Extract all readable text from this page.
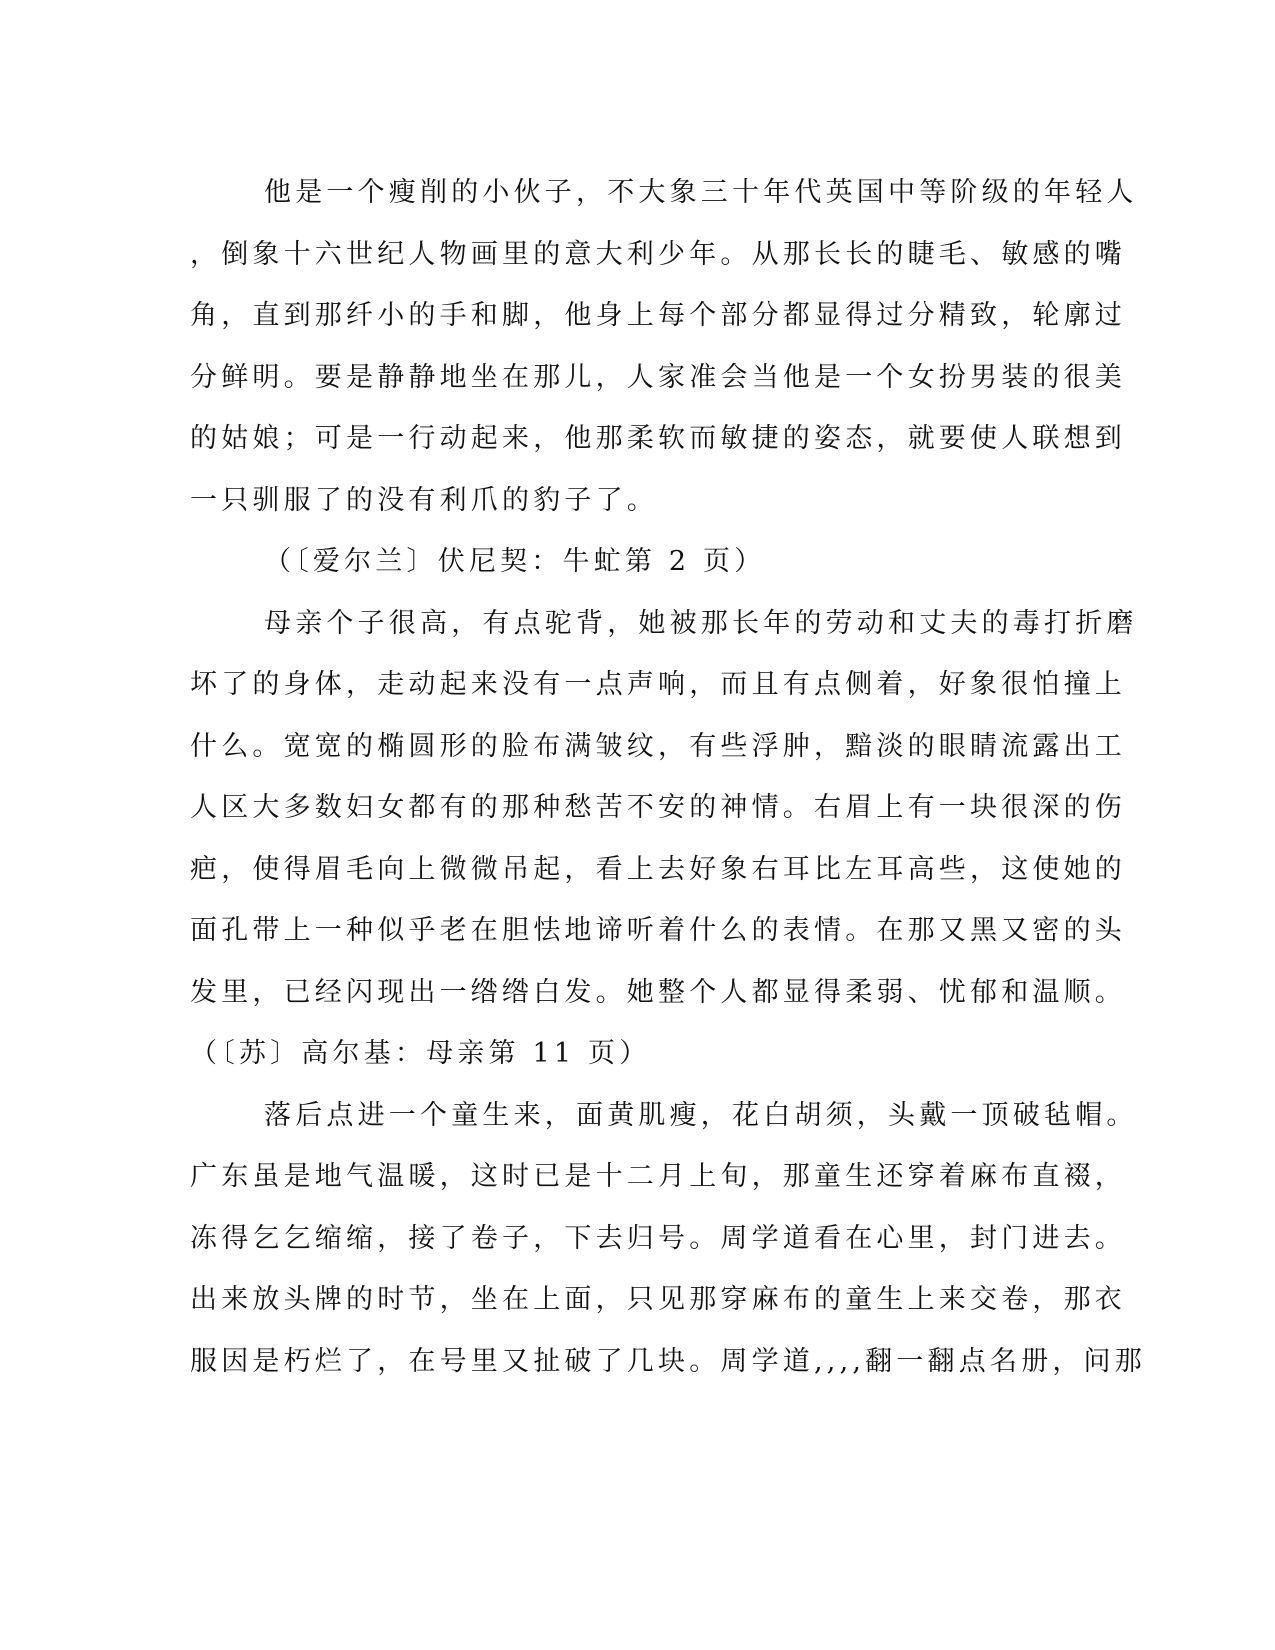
他是一个瘦削的小伙子，不大象三十年代英国中等阶级的年轻人
，倒象十六世纪人物画里的意大利少年。从那长长的睫毛、敏感的嘴
角，直到那纤小的手和脚，他身上每个部分都显得过分精致，轮廓过
分鲜明。要是静静地坐在那儿，人家准会当他是一个女扮男装的很美
的姑娘；可是一行动起来，他那柔软而敏捷的姿态，就要使人联想到
一只驯服了的没有利爪的豹子了。
（〔爱尔兰〕伏尼契：牛虻第 2 页）
母亲个子很高，有点驼背，她被那长年的劳动和丈夫的毒打折磨
坏了的身体，走动起来没有一点声响，而且有点侧着，好象很怕撞上
什么。宽宽的椭圆形的脸布满皱纹，有些浮肿，黯淡的眼睛流露出工
人区大多数妇女都有的那种愁苦不安的神情。右眉上有一块很深的伤
疤，使得眉毛向上微微吊起，看上去好象右耳比左耳高些，这使她的
面孔带上一种似乎老在胆怯地谛听着什么的表情。在那又黑又密的头
发里，已经闪现出一绺绺白发。她整个人都显得柔弱、忧郁和温顺。
（〔苏〕高尔基：母亲第 11 页）
落后点进一个童生来，面黄肌瘦，花白胡须，头戴一顶破毡帽。
广东虽是地气温暖，这时已是十二月上旬，那童生还穿着麻布直裰，
冻得乞乞缩缩，接了卷子，下去归号。周学道看在心里，封门进去。
出来放头牌的时节，坐在上面，只见那穿麻布的童生上来交卷，那衣
服因是朽烂了，在号里又扯破了几块。周学道,,,,翻一翻点名册，问那
